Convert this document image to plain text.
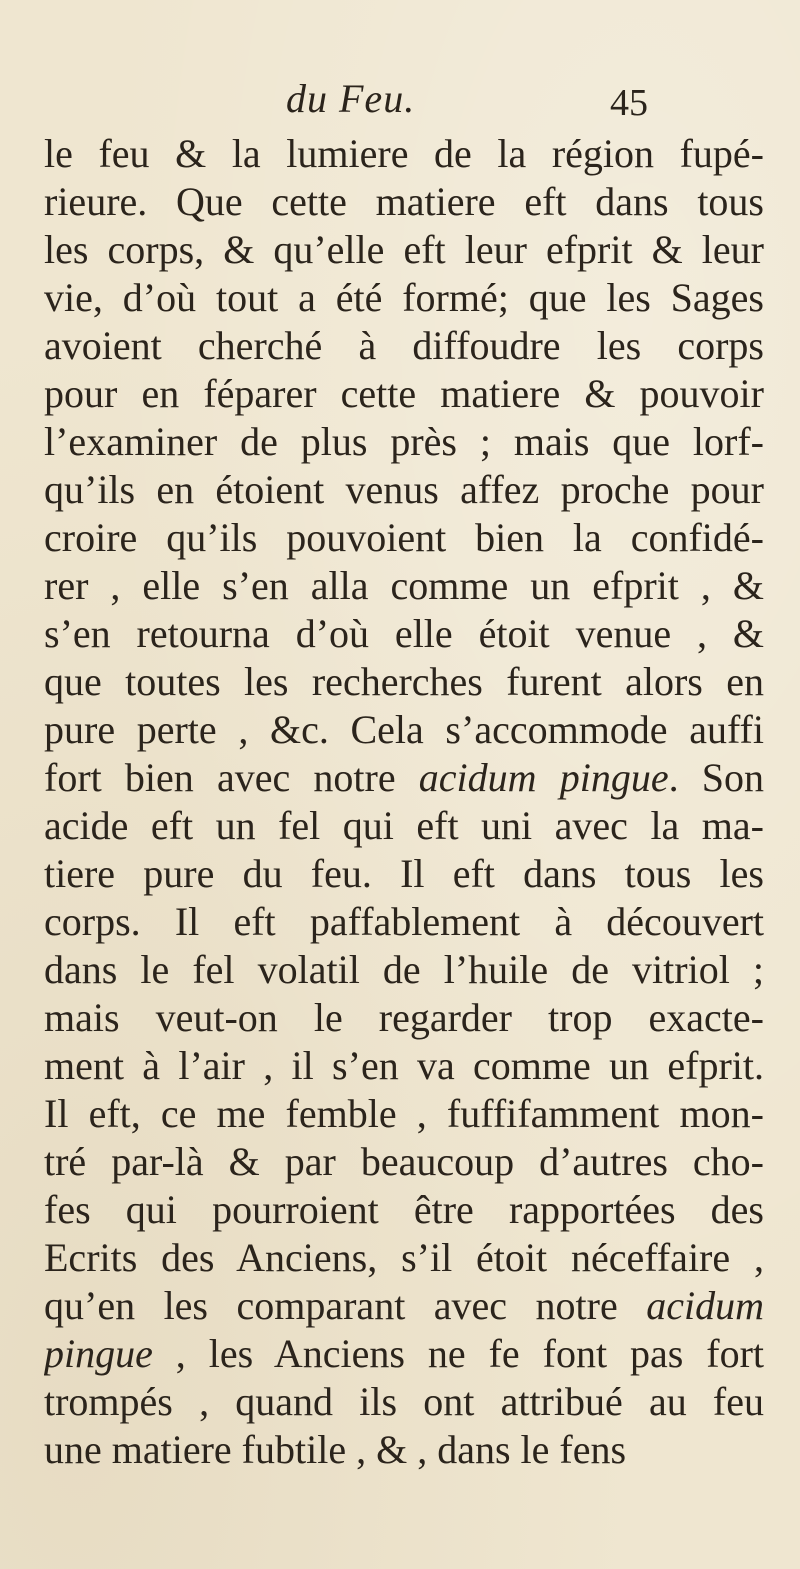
du Feu.	45
le feu & la lumiere de la région fupé-
rieure. Que cette matiere eft dans tous
les corps, & qu’elle eft leur efprit & leur
vie, d’où tout a été formé; que les Sages
avoient cherché à diffoudre les corps
pour en féparer cette matiere & pouvoir
l’examiner de plus près ; mais que lorf-
qu’ils en étoient venus affez proche pour
croire qu’ils pouvoient bien la confidé-
rer , elle s’en alla comme un efprit , &
s’en retourna d’où elle étoit venue , &
que toutes les recherches furent alors en
pure perte , &c. Cela s’accommode auffi
fort bien avec notre acidum pingue. Son
acide eft un fel qui eft uni avec la ma-
tiere pure du feu. Il eft dans tous les
corps. Il eft paffablement à découvert
dans le fel volatil de l’huile de vitriol ;
mais veut-on le regarder trop exacte-
ment à l’air , il s’en va comme un efprit.
Il eft, ce me femble , fuffifamment mon-
tré par-là & par beaucoup d’autres cho-
fes qui pourroient être rapportées des
Ecrits des Anciens, s’il étoit néceffaire ,
qu’en les comparant avec notre acidum
pingue , les Anciens ne fe font pas fort
trompés , quand ils ont attribué au feu
une matiere fubtile , & , dans le fens
